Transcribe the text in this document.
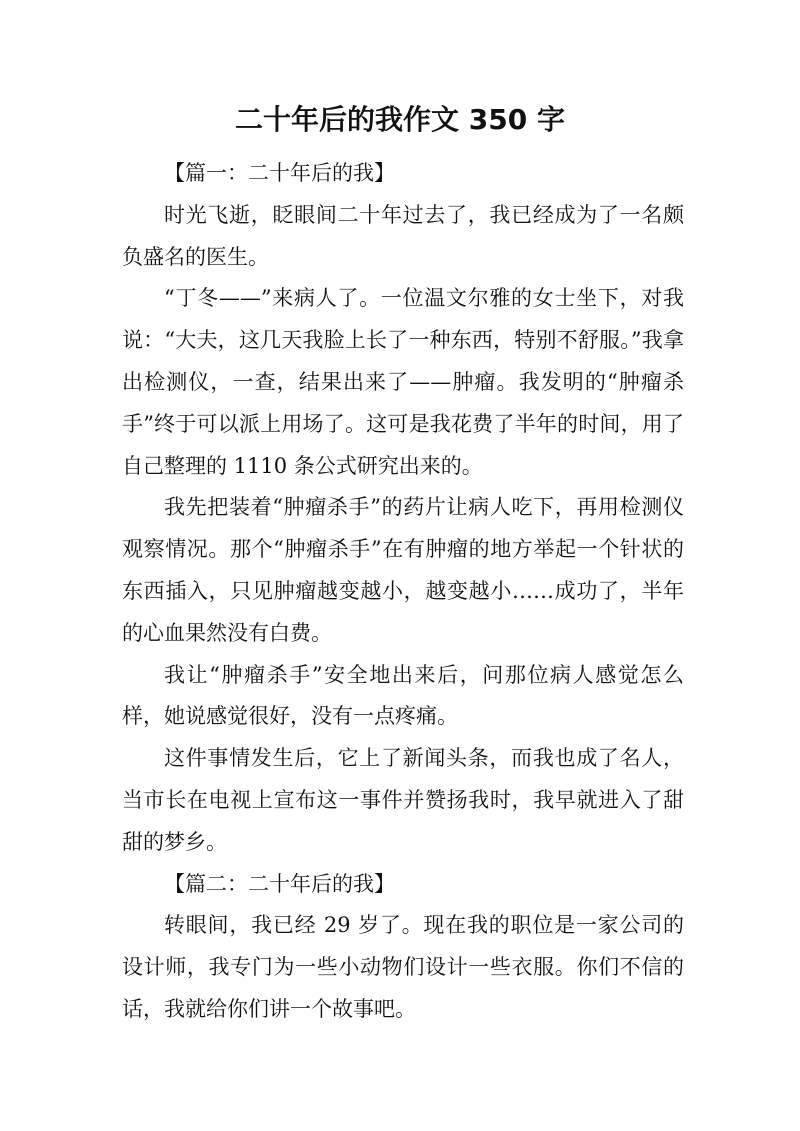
二十年后的我作文 350 字

【篇一：二十年后的我】

时光飞逝，眨眼间二十年过去了，我已经成为了一名颇负盛名的医生。

“丁冬——”来病人了。一位温文尔雅的女士坐下，对我说：“大夫，这几天我脸上长了一种东西，特别不舒服。”我拿出检测仪，一查，结果出来了——肿瘤。我发明的“肿瘤杀手”终于可以派上用场了。这可是我花费了半年的时间，用了自己整理的 1110 条公式研究出来的。

我先把装着“肿瘤杀手”的药片让病人吃下，再用检测仪观察情况。那个“肿瘤杀手”在有肿瘤的地方举起一个针状的东西插入，只见肿瘤越变越小，越变越小……成功了，半年的心血果然没有白费。

我让“肿瘤杀手”安全地出来后，问那位病人感觉怎么样，她说感觉很好，没有一点疼痛。

这件事情发生后，它上了新闻头条，而我也成了名人，当市长在电视上宣布这一事件并赞扬我时，我早就进入了甜甜的梦乡。

【篇二：二十年后的我】

转眼间，我已经 29 岁了。现在我的职位是一家公司的设计师，我专门为一些小动物们设计一些衣服。你们不信的话，我就给你们讲一个故事吧。
